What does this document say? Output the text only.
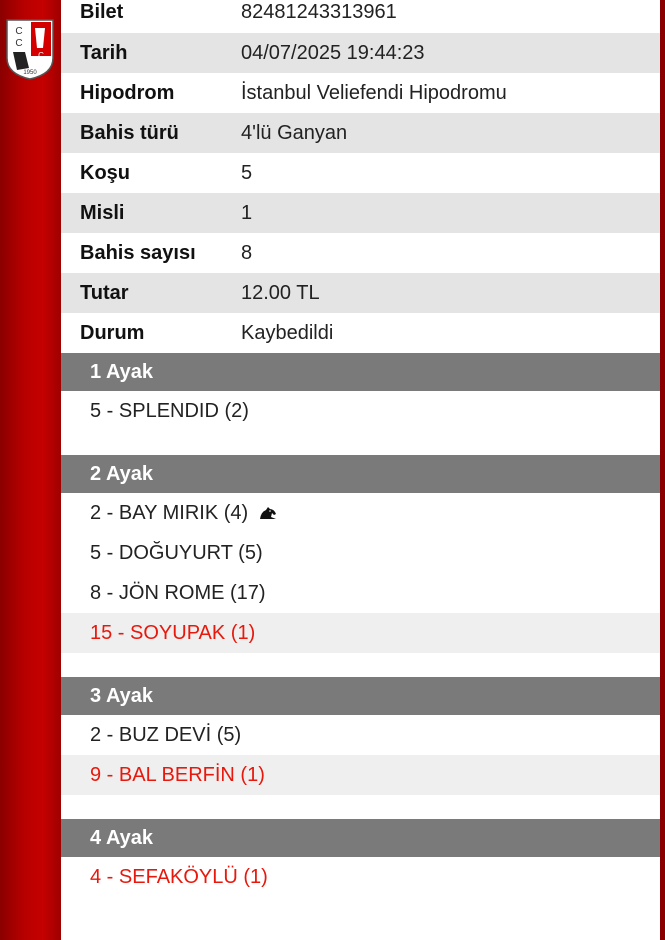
C
C
C
1950
Bilet	82481243313961
Tarih	04/07/2025 19:44:23
Hipodrom	İstanbul Veliefendi Hipodromu
Bahis türü	4'lü Ganyan
Koşu	5
Misli	1
Bahis sayısı	8
Tutar	12.00 TL
Durum	Kaybedildi
1 Ayak
5 - SPLENDID (2)
2 Ayak
2 - BAY MIRIK (4)
5 - DOĞUYURT (5)
8 - JÖN ROME (17)
15 - SOYUPAK (1)
3 Ayak
2 - BUZ DEVİ (5)
9 - BAL BERFİN (1)
4 Ayak
4 - SEFAKÖYLÜ (1)
